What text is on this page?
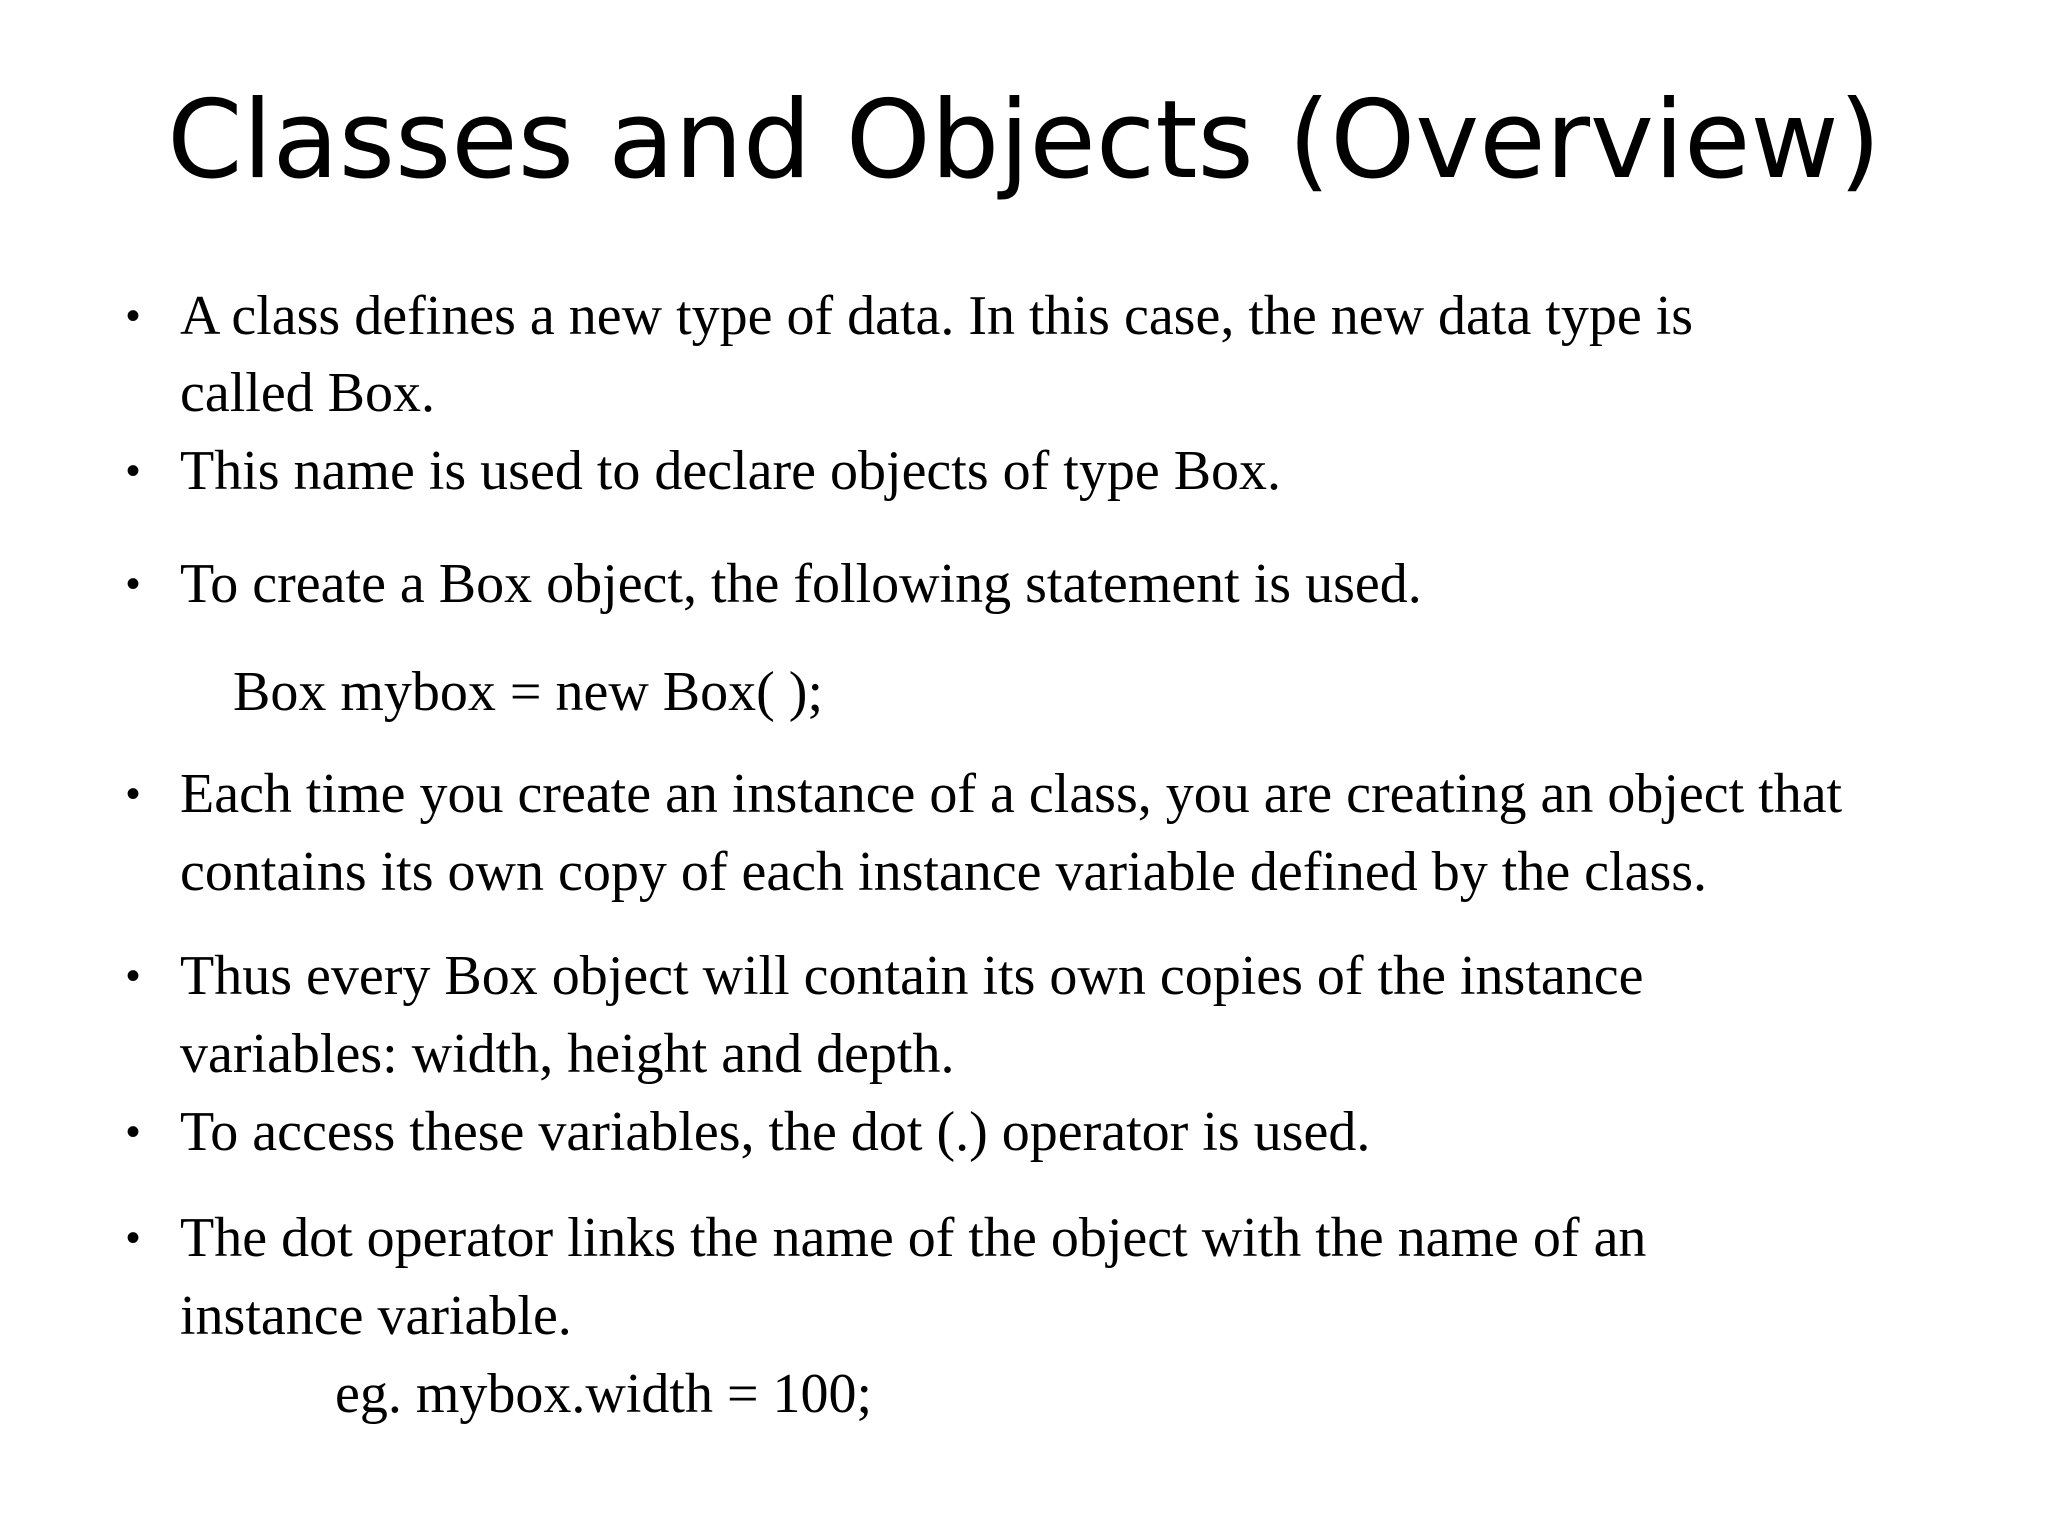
Classes and Objects (Overview)
• A class defines a new type of data. In this case, the new data type is
called Box.
• This name is used to declare objects of type Box.
• To create a Box object, the following statement is used.
Box mybox = new Box( );
• Each time you create an instance of a class, you are creating an object that
contains its own copy of each instance variable defined by the class.
• Thus every Box object will contain its own copies of the instance
variables: width, height and depth.
• To access these variables, the dot (.) operator is used.
• The dot operator links the name of the object with the name of an
instance variable.
eg. mybox.width = 100;
